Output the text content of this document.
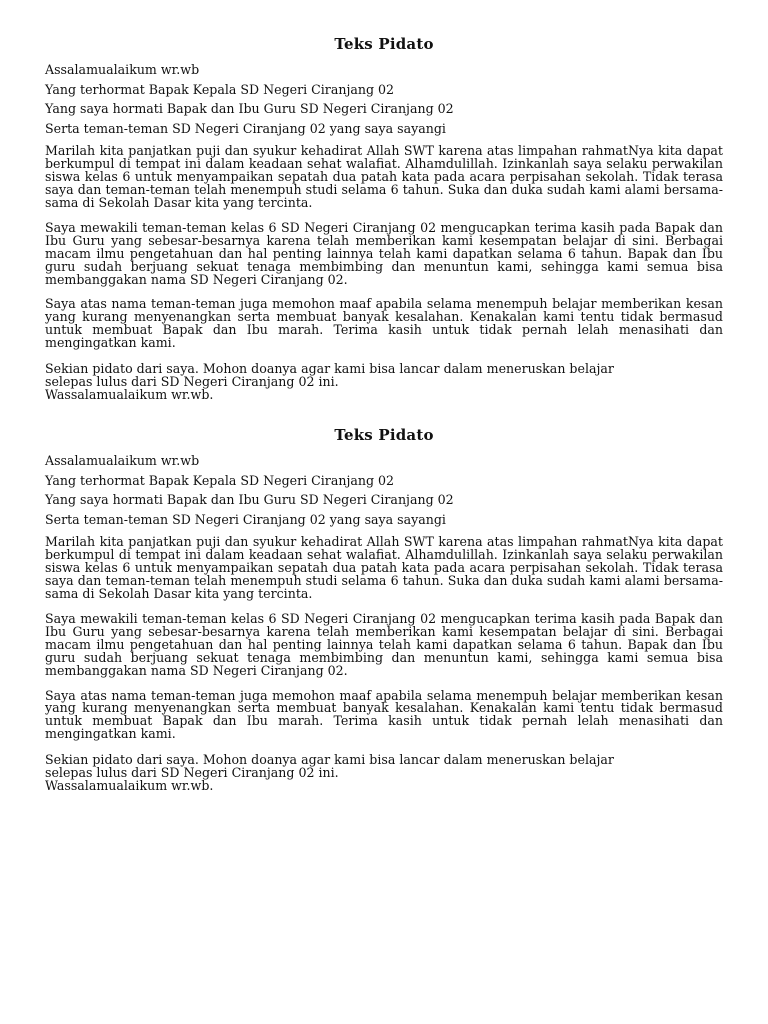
Teks Pidato

Assalamualaikum wr.wb

Yang terhormat Bapak Kepala SD Negeri Ciranjang 02

Yang saya hormati Bapak dan Ibu Guru SD Negeri Ciranjang 02

Serta teman-teman SD Negeri Ciranjang 02 yang saya sayangi

Marilah kita panjatkan puji dan syukur kehadirat Allah SWT karena atas limpahan rahmatNya kita dapat berkumpul di tempat ini dalam keadaan sehat walafiat. Alhamdulillah. Izinkanlah saya selaku perwakilan siswa kelas 6 untuk menyampaikan sepatah dua patah kata pada acara perpisahan sekolah. Tidak terasa saya dan teman-teman telah menempuh studi selama 6 tahun. Suka dan duka sudah kami alami bersama-sama di Sekolah Dasar kita yang tercinta.

Saya mewakili teman-teman kelas 6 SD Negeri Ciranjang 02 mengucapkan terima kasih pada Bapak dan Ibu Guru yang sebesar-besarnya karena telah memberikan kami kesempatan belajar di sini. Berbagai macam ilmu pengetahuan dan hal penting lainnya telah kami dapatkan selama 6 tahun. Bapak dan Ibu guru sudah berjuang sekuat tenaga membimbing dan menuntun kami, sehingga kami semua bisa membanggakan nama SD Negeri Ciranjang 02.

Saya atas nama teman-teman juga memohon maaf apabila selama menempuh belajar memberikan kesan yang kurang menyenangkan serta membuat banyak kesalahan. Kenakalan kami tentu tidak bermasud untuk membuat Bapak dan Ibu marah. Terima kasih untuk tidak pernah lelah menasihati dan mengingatkan kami.

Sekian pidato dari saya. Mohon doanya agar kami bisa lancar dalam meneruskan belajar

selepas lulus dari SD Negeri Ciranjang 02 ini.

Wassalamualaikum wr.wb.

Teks Pidato

Assalamualaikum wr.wb

Yang terhormat Bapak Kepala SD Negeri Ciranjang 02

Yang saya hormati Bapak dan Ibu Guru SD Negeri Ciranjang 02

Serta teman-teman SD Negeri Ciranjang 02 yang saya sayangi

Marilah kita panjatkan puji dan syukur kehadirat Allah SWT karena atas limpahan rahmatNya kita dapat berkumpul di tempat ini dalam keadaan sehat walafiat. Alhamdulillah. Izinkanlah saya selaku perwakilan siswa kelas 6 untuk menyampaikan sepatah dua patah kata pada acara perpisahan sekolah. Tidak terasa saya dan teman-teman telah menempuh studi selama 6 tahun. Suka dan duka sudah kami alami bersama-sama di Sekolah Dasar kita yang tercinta.

Saya mewakili teman-teman kelas 6 SD Negeri Ciranjang 02 mengucapkan terima kasih pada Bapak dan Ibu Guru yang sebesar-besarnya karena telah memberikan kami kesempatan belajar di sini. Berbagai macam ilmu pengetahuan dan hal penting lainnya telah kami dapatkan selama 6 tahun. Bapak dan Ibu guru sudah berjuang sekuat tenaga membimbing dan menuntun kami, sehingga kami semua bisa membanggakan nama SD Negeri Ciranjang 02.

Saya atas nama teman-teman juga memohon maaf apabila selama menempuh belajar memberikan kesan yang kurang menyenangkan serta membuat banyak kesalahan. Kenakalan kami tentu tidak bermasud untuk membuat Bapak dan Ibu marah. Terima kasih untuk tidak pernah lelah menasihati dan mengingatkan kami.

Sekian pidato dari saya. Mohon doanya agar kami bisa lancar dalam meneruskan belajar

selepas lulus dari SD Negeri Ciranjang 02 ini.

Wassalamualaikum wr.wb.
